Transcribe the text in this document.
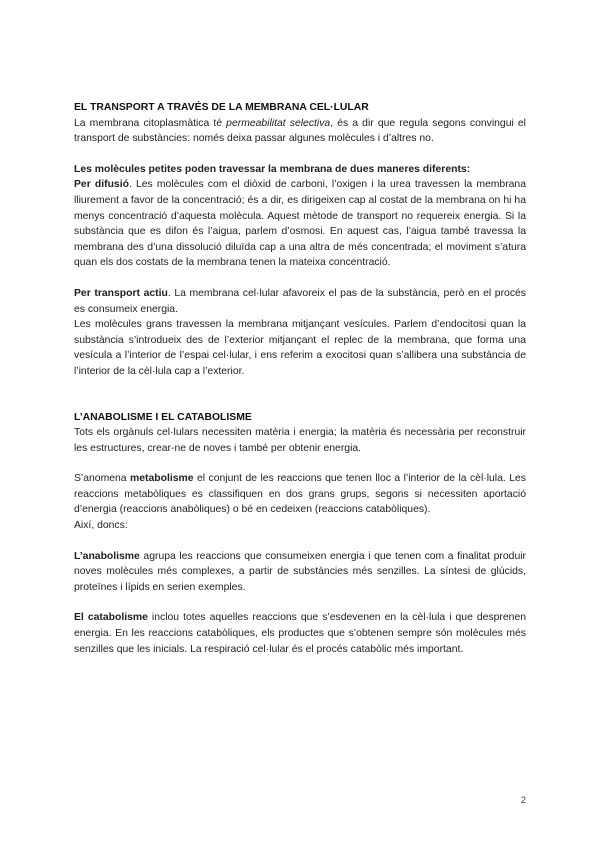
EL TRANSPORT A TRAVÉS DE LA MEMBRANA CEL·LULAR

La membrana citoplasmàtica té permeabilitat selectiva, és a dir que regula segons convingui el transport de substàncies: només deixa passar algunes molècules i d’altres no.

Les molècules petites poden travessar la membrana de dues maneres diferents:

Per difusió. Les molècules com el diòxid de carboni, l’oxigen i la urea travessen la membrana lliurement a favor de la concentració; és a dir, es dirigeixen cap al costat de la membrana on hi ha menys concentració d’aquesta molècula. Aquest mètode de transport no requereix energia. Si la substància que es difon és l’aigua, parlem d’osmosi. En aquest cas, l’aigua també travessa la membrana des d’una dissolució diluïda cap a una altra de més concentrada; el moviment s’atura quan els dos costats de la membrana tenen la mateixa concentració.

Per transport actiu. La membrana cel·lular afavoreix el pas de la substància, però en el procés es consumeix energia.

Les molècules grans travessen la membrana mitjançant vesícules. Parlem d’endocitosi quan la substància s’introdueix des de l’exterior mitjançant el replec de la membrana, que forma una vesícula a l’interior de l’espai cel·lular, i ens referim a exocitosi quan s’allibera una substància de l’interior de la cèl·lula cap a l’exterior.

L’ANABOLISME I EL CATABOLISME

Tots els orgànuls cel·lulars necessiten matèria i energia; la matèria és necessària per reconstruir les estructures, crear-ne de noves i també per obtenir energia.

S’anomena metabolisme el conjunt de les reaccions que tenen lloc a l’interior de la cèl·lula. Les reaccions metabòliques es classifiquen en dos grans grups, segons si necessiten aportació d’energia (reaccions anabòliques) o bé en cedeixen (reaccions catabòliques).

Així, doncs:

L’anabolisme agrupa les reaccions que consumeixen energia i que tenen com a finalitat produir noves molècules més complexes, a partir de substàncies més senzilles. La síntesi de glúcids, proteïnes i lípids en serien exemples.

El catabolisme inclou totes aquelles reaccions que s’esdevenen en la cèl·lula i que desprenen energia. En les reaccions catabòliques, els productes que s’obtenen sempre són molècules més senzilles que les inicials. La respiració cel·lular és el procés catabòlic més important.

2
